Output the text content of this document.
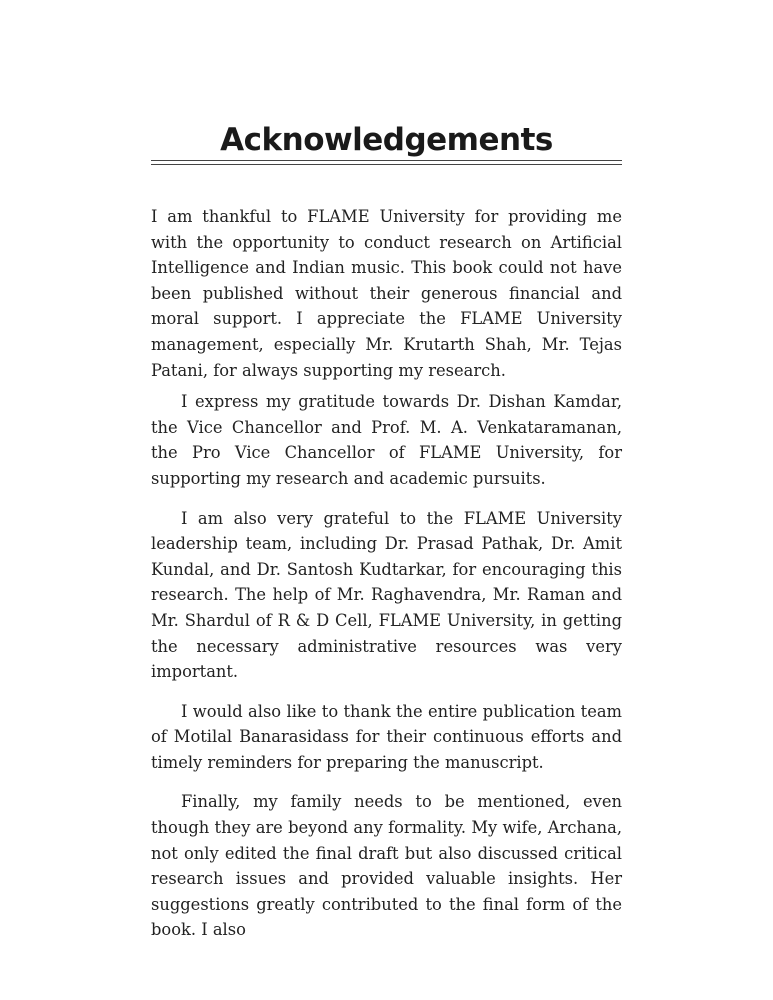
Acknowledgements

I am thankful to FLAME University for providing me with the opportunity to conduct research on Artificial Intelligence and Indian music. This book could not have been published without their generous financial and moral support. I appreciate the FLAME University management, especially Mr. Krutarth Shah, Mr. Tejas Patani, for always supporting my research.

I express my gratitude towards Dr. Dishan Kamdar, the Vice Chancellor and Prof. M. A. Venkataramanan, the Pro Vice Chancellor of FLAME University, for supporting my research and academic pursuits.

I am also very grateful to the FLAME University leadership team, including Dr. Prasad Pathak, Dr. Amit Kundal, and Dr. Santosh Kudtarkar, for encouraging this research. The help of Mr. Raghavendra, Mr. Raman and Mr. Shardul of R & D Cell, FLAME University, in getting the necessary administrative resources was very important.

I would also like to thank the entire publication team of Motilal Banarasidass for their continuous efforts and timely reminders for preparing the manuscript.

Finally, my family needs to be mentioned, even though they are beyond any formality. My wife, Archana, not only edited the final draft but also discussed critical research issues and provided valuable insights. Her suggestions greatly contributed to the final form of the book. I also
